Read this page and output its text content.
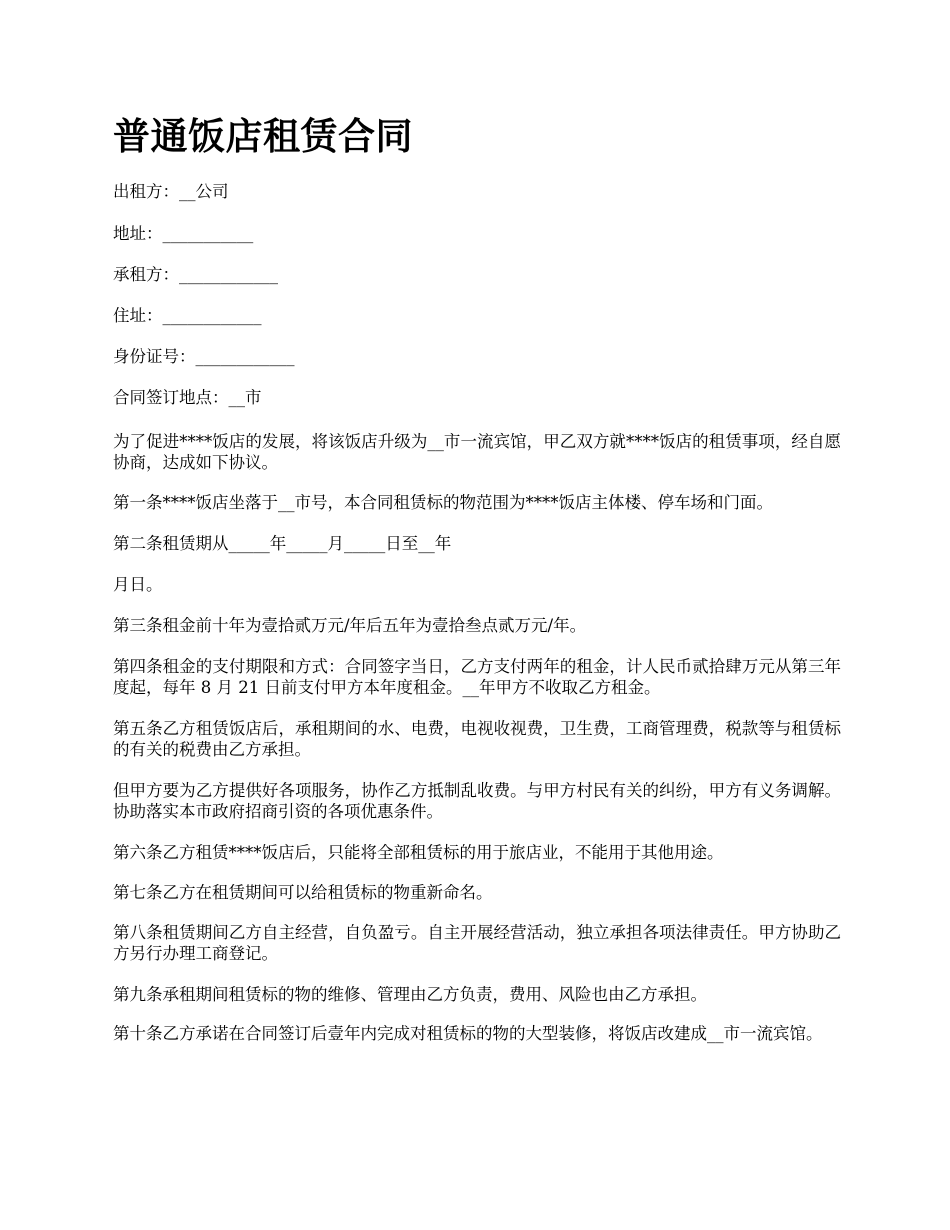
普通饭店租赁合同

出租方：__公司

地址：___________

承租方：____________

住址：____________

身份证号：____________

合同签订地点：__市

为了促进****饭店的发展，将该饭店升级为__市一流宾馆，甲乙双方就****饭店的租赁事项，经自愿协商，达成如下协议。

第一条****饭店坐落于__市号，本合同租赁标的物范围为****饭店主体楼、停车场和门面。

第二条租赁期从_____年_____月_____日至__年

月日。

第三条租金前十年为壹拾贰万元/年后五年为壹拾叁点贰万元/年。

第四条租金的支付期限和方式：合同签字当日，乙方支付两年的租金，计人民币贰拾肆万元从第三年度起，每年 8 月 21 日前支付甲方本年度租金。__年甲方不收取乙方租金。

第五条乙方租赁饭店后，承租期间的水、电费，电视收视费，卫生费，工商管理费，税款等与租赁标的有关的税费由乙方承担。

但甲方要为乙方提供好各项服务，协作乙方抵制乱收费。与甲方村民有关的纠纷，甲方有义务调解。协助落实本市政府招商引资的各项优惠条件。

第六条乙方租赁****饭店后，只能将全部租赁标的用于旅店业，不能用于其他用途。

第七条乙方在租赁期间可以给租赁标的物重新命名。

第八条租赁期间乙方自主经营，自负盈亏。自主开展经营活动，独立承担各项法律责任。甲方协助乙方另行办理工商登记。

第九条承租期间租赁标的物的维修、管理由乙方负责，费用、风险也由乙方承担。

第十条乙方承诺在合同签订后壹年内完成对租赁标的物的大型装修，将饭店改建成__市一流宾馆。
